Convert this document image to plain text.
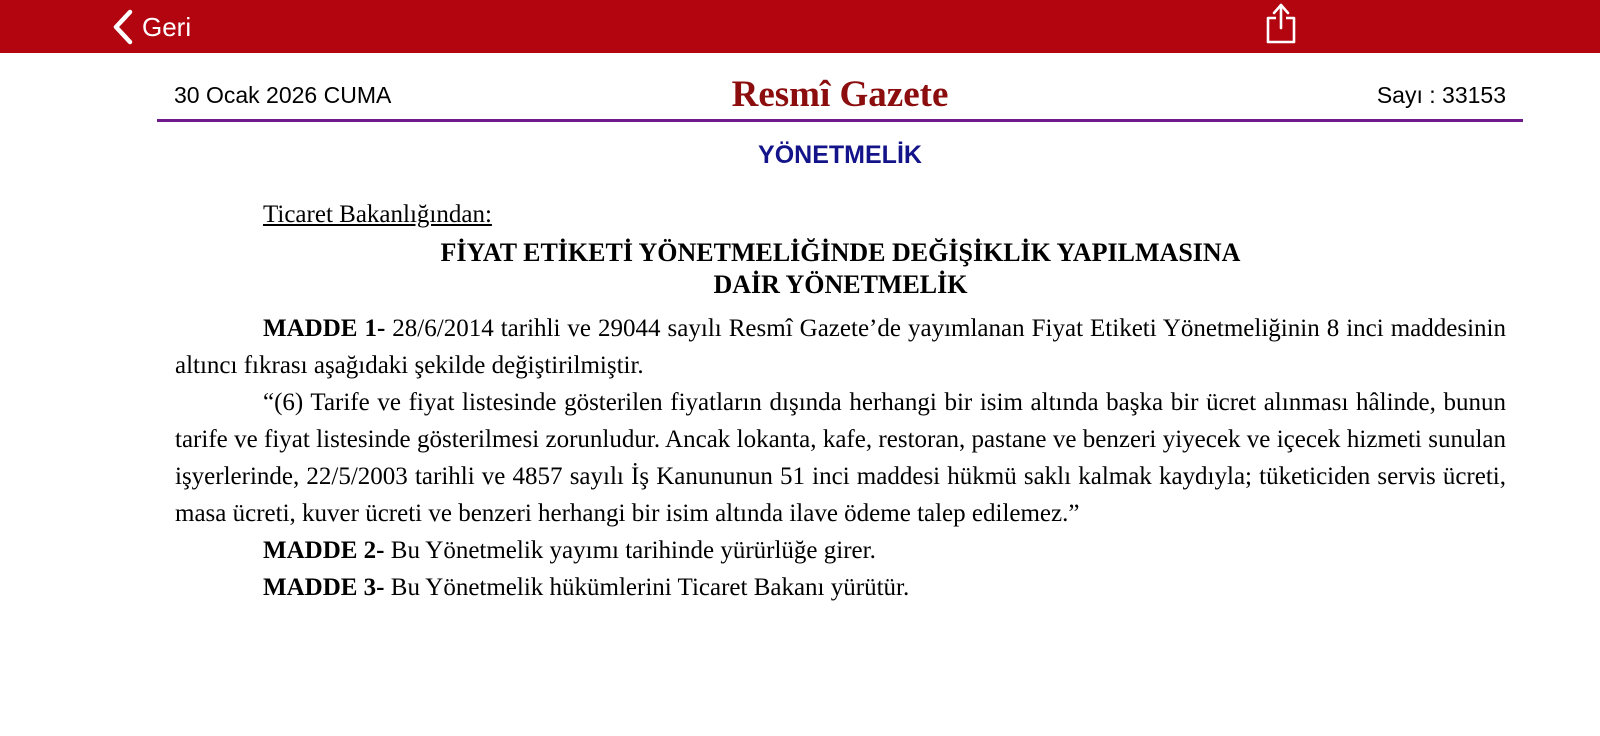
Geri
30 Ocak 2026 CUMA	Resmî Gazete	Sayı : 33153
YÖNETMELİK

Ticaret Bakanlığından:

FİYAT ETİKETİ YÖNETMELİĞİNDE DEĞİŞİKLİK YAPILMASINA
DAİR YÖNETMELİK

MADDE 1- 28/6/2014 tarihli ve 29044 sayılı Resmî Gazete’de yayımlanan Fiyat Etiketi Yönetmeliğinin 8 inci maddesinin altıncı fıkrası aşağıdaki şekilde değiştirilmiştir.

“(6) Tarife ve fiyat listesinde gösterilen fiyatların dışında herhangi bir isim altında başka bir ücret alınması hâlinde, bunun tarife ve fiyat listesinde gösterilmesi zorunludur. Ancak lokanta, kafe, restoran, pastane ve benzeri yiyecek ve içecek hizmeti sunulan işyerlerinde, 22/5/2003 tarihli ve 4857 sayılı İş Kanununun 51 inci maddesi hükmü saklı kalmak kaydıyla; tüketiciden servis ücreti, masa ücreti, kuver ücreti ve benzeri herhangi bir isim altında ilave ödeme talep edilemez.”

MADDE 2- Bu Yönetmelik yayımı tarihinde yürürlüğe girer.

MADDE 3- Bu Yönetmelik hükümlerini Ticaret Bakanı yürütür.
